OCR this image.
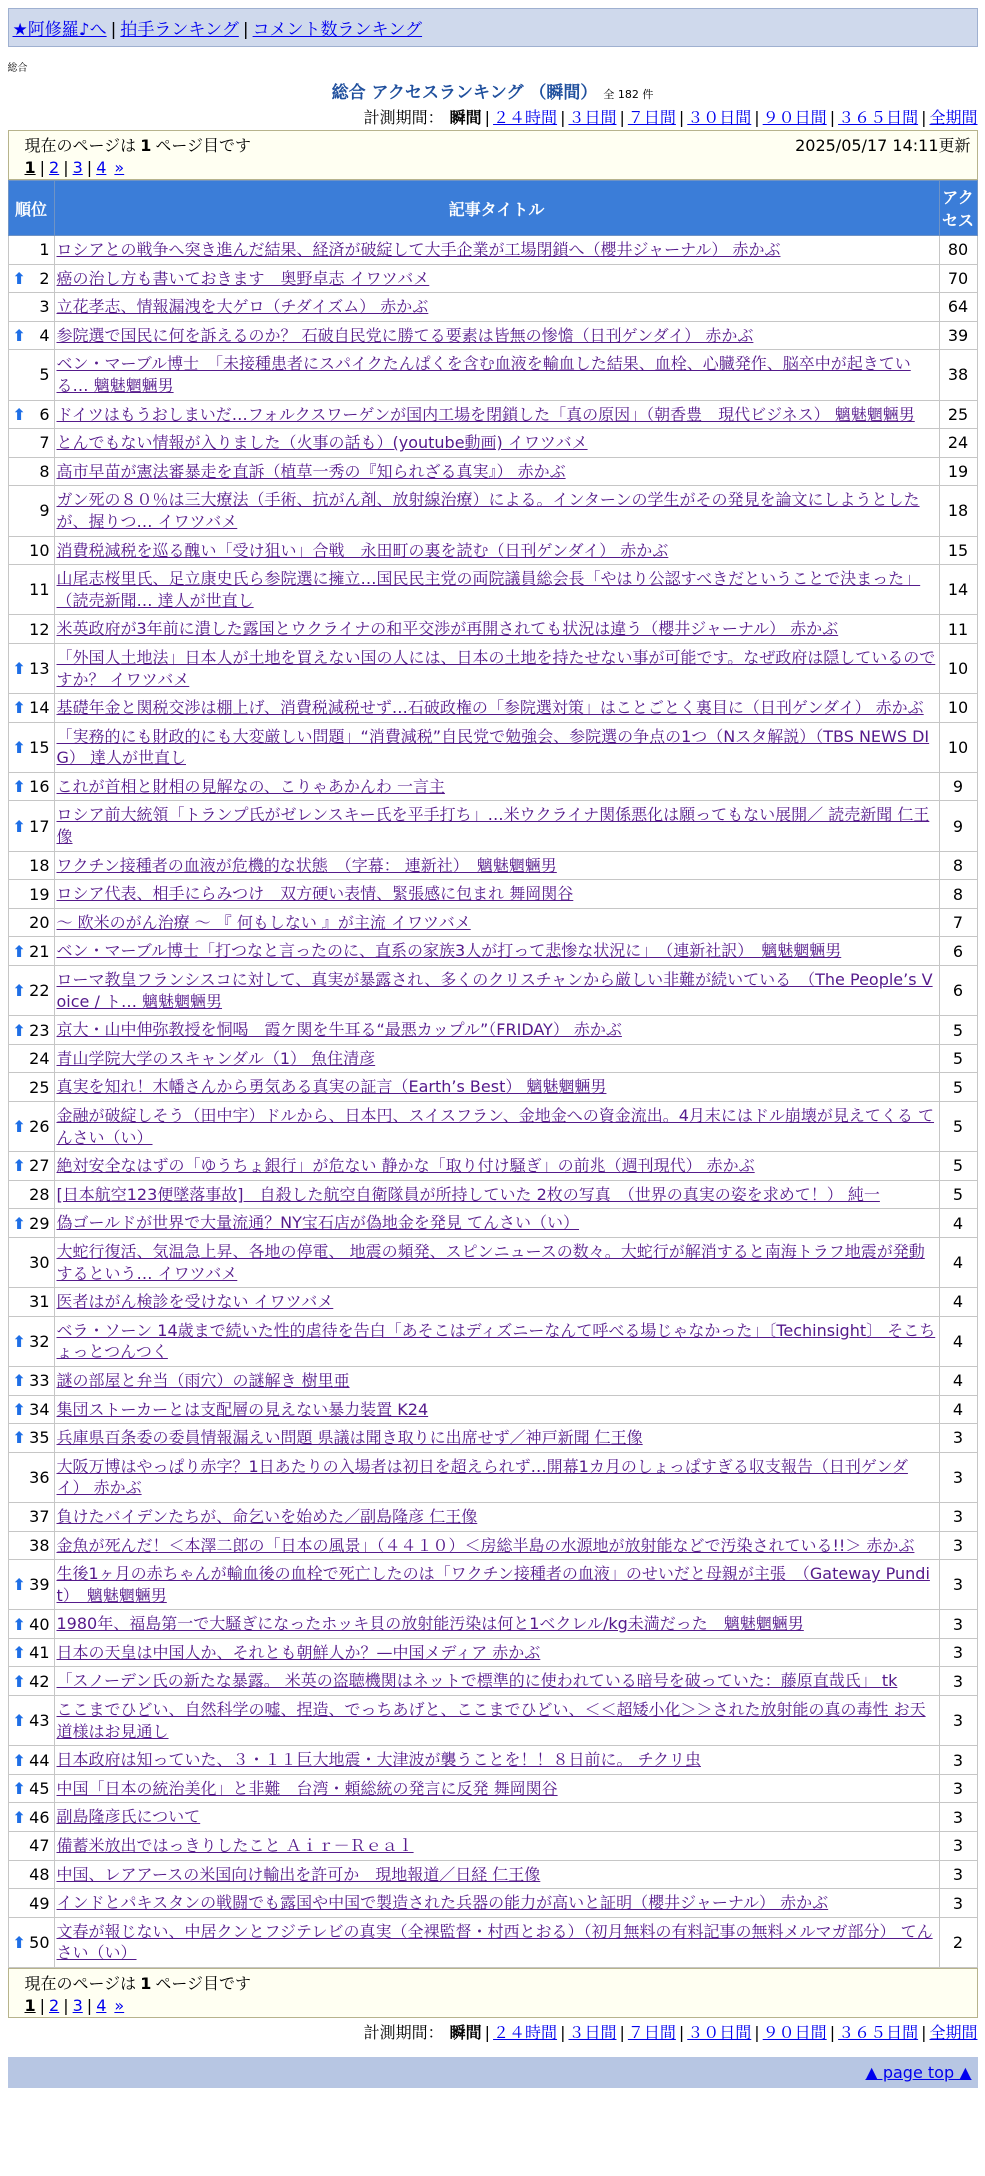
★阿修羅♪へ | 拍手ランキング | コメント数ランキング
総合
総合 アクセスランキング （瞬間） 全 182 件
計測期間： 瞬間 | ２４時間 | ３日間 | ７日間 | ３０日間 | ９０日間 | ３６５日間 | 全期間
現在のページは 1 ページ目です	2025/05/17 14:11更新
1 | 2 | 3 | 4 »
順位	記事タイトル	アクセス
1	ロシアとの戦争へ突き進んだ結果、経済が破綻して大手企業が工場閉鎖へ（櫻井ジャーナル） 赤かぶ	80

⬆ 2	癌の治し方も書いておきます　奥野卓志 イワツバメ	70
3	立花孝志、情報漏洩を大ゲロ（チダイズム） 赤かぶ	64

⬆ 4	参院選で国民に何を訴えるのか？ 石破自民党に勝てる要素は皆無の惨憺（日刊ゲンダイ） 赤かぶ	39
5	ベン・マーブル博士　「未接種患者にスパイクたんぱくを含む血液を輸血した結果、血栓、心臓発作、脳卒中が起きている… 魑魅魍魎男	38

⬆ 6	ドイツはもうおしまいだ…フォルクスワーゲンが国内工場を閉鎖した「真の原因」（朝香豊　現代ビジネス） 魑魅魍魎男	25
7	とんでもない情報が入りました（火事の話も）(youtube動画) イワツバメ	24
8	高市早苗が憲法審暴走を直訴（植草一秀の『知られざる真実』） 赤かぶ	19
9	ガン死の８０％は三大療法（手術、抗がん剤、放射線治療）による。インターンの学生がその発見を論文にしようとしたが、握りつ… イワツバメ	18
10	消費税減税を巡る醜い「受け狙い」合戦　永田町の裏を読む（日刊ゲンダイ） 赤かぶ	15
11	山尾志桜里氏、足立康史氏ら参院選に擁立…国民民主党の両院議員総会長「やはり公認すべきだということで決まった」（読売新聞… 達人が世直し	14
12	米英政府が3年前に潰した露国とウクライナの和平交渉が再開されても状況は違う（櫻井ジャーナル） 赤かぶ	11

⬆ 13	「外国人土地法」日本人が土地を買えない国の人には、日本の土地を持たせない事が可能です。なぜ政府は隠しているのですか？ イワツバメ	10

⬆ 14	基礎年金と関税交渉は棚上げ、消費税減税せず…石破政権の「参院選対策」はことごとく裏目に（日刊ゲンダイ） 赤かぶ	10

⬆ 15	「実務的にも財政的にも大変厳しい問題」“消費減税”自民党で勉強会、参院選の争点の1つ（Nスタ解説）（TBS NEWS DIG） 達人が世直し	10

⬆ 16	これが首相と財相の見解なの、こりゃあかんわ 一言主	9

⬆ 17	ロシア前大統領「トランプ氏がゼレンスキー氏を平手打ち」…米ウクライナ関係悪化は願ってもない展開／ 読売新聞 仁王像	9
18	ワクチン接種者の血液が危機的な状態　（字幕： 連新社）　魑魅魍魎男	8
19	ロシア代表、相手にらみつけ　双方硬い表情、緊張感に包まれ 舞岡関谷	8
20	～ 欧米のがん治療 ～ 『 何もしない 』が主流 イワツバメ	7

⬆ 21	ベン・マーブル博士「打つなと言ったのに、直系の家族3人が打って悲惨な状況に」　（連新社訳）　魑魅魍魎男	6

⬆ 22	ローマ教皇フランシスコに対して、真実が暴露され、多くのクリスチャンから厳しい非難が続いている　（The People’s Voice / ト… 魑魅魍魎男	6

⬆ 23	京大・山中伸弥教授を恫喝　霞ケ関を牛耳る“最悪カップル”（FRIDAY） 赤かぶ	5
24	青山学院大学のスキャンダル（1） 魚住清彦	5
25	真実を知れ！木幡さんから勇気ある真実の証言（Earth’s Best） 魑魅魍魎男	5

⬆ 26	金融が破綻しそう（田中宇）ドルから、日本円、スイスフラン、金地金への資金流出。4月末にはドル崩壊が見えてくる てんさい（い）	5

⬆ 27	絶対安全なはずの「ゆうちょ銀行」が危ない 静かな「取り付け騒ぎ」の前兆（週刊現代） 赤かぶ	5
28	[日本航空123便墜落事故]　自殺した航空自衛隊員が所持していた 2枚の写真　（世界の真実の姿を求めて！） 純一	5

⬆ 29	偽ゴールドが世界で大量流通？NY宝石店が偽地金を発見 てんさい（い）	4
30	大蛇行復活、気温急上昇、各地の停電、 地震の頻発、スピンニュースの数々。大蛇行が解消すると南海トラフ地震が発動するという… イワツバメ	4
31	医者はがん検診を受けない イワツバメ	4

⬆ 32	ベラ・ソーン 14歳まで続いた性的虐待を告白「あそこはディズニーなんて呼べる場じゃなかった」〔Techinsight〕 そこちょっとつんつく	4

⬆ 33	謎の部屋と弁当（雨穴）の謎解き 樹里亜	4

⬆ 34	集団ストーカーとは支配層の見えない暴力装置 K24	4

⬆ 35	兵庫県百条委の委員情報漏えい問題 県議は聞き取りに出席せず／神戸新聞 仁王像	3
36	大阪万博はやっぱり赤字？1日あたりの入場者は初日を超えられず…開幕1カ月のしょっぱすぎる収支報告（日刊ゲンダイ） 赤かぶ	3
37	負けたバイデンたちが、命乞いを始めた／副島隆彦 仁王像	3
38	金魚が死んだ！＜本澤二郎の「日本の風景」（４４１０）＜房総半島の水源地が放射能などで汚染されている!!＞ 赤かぶ	3

⬆ 39	生後1ヶ月の赤ちゃんが輸血後の血栓で死亡したのは「ワクチン接種者の血液」のせいだと母親が主張　（Gateway Pundit）　魑魅魍魎男	3

⬆ 40	1980年、福島第一で大騒ぎになったホッキ貝の放射能汚染は何と1ベクレル/kg未満だった　魑魅魍魎男	3

⬆ 41	日本の天皇は中国人か、それとも朝鮮人か？—中国メディア 赤かぶ	3

⬆ 42	「スノーデン氏の新たな暴露。 米英の盗聴機関はネットで標準的に使われている暗号を破っていた：藤原直哉氏」 tk	3

⬆ 43	ここまでひどい、自然科学の嘘、捏造、でっちあげと、ここまでひどい、＜＜超矮小化＞＞された放射能の真の毒性 お天道様はお見通し	3

⬆ 44	日本政府は知っていた、３・１１巨大地震・大津波が襲うことを！！８日前に。 チクリ虫	3

⬆ 45	中国「日本の統治美化」と非難　台湾・頼総統の発言に反発 舞岡関谷	3

⬆ 46	副島隆彦氏について	3
47	備蓄米放出ではっきりしたこと Ａｉｒ－Ｒｅａｌ	3
48	中国、レアアースの米国向け輸出を許可か　現地報道／日経 仁王像	3
49	インドとパキスタンの戦闘でも露国や中国で製造された兵器の能力が高いと証明（櫻井ジャーナル） 赤かぶ	3

⬆ 50	文春が報じない、中居クンとフジテレビの真実（全裸監督・村西とおる）（初月無料の有料記事の無料メルマガ部分） てんさい（い）	2
現在のページは 1 ページ目です
1 | 2 | 3 | 4 »
計測期間： 瞬間 | ２４時間 | ３日間 | ７日間 | ３０日間 | ９０日間 | ３６５日間 | 全期間
▲ page top ▲
